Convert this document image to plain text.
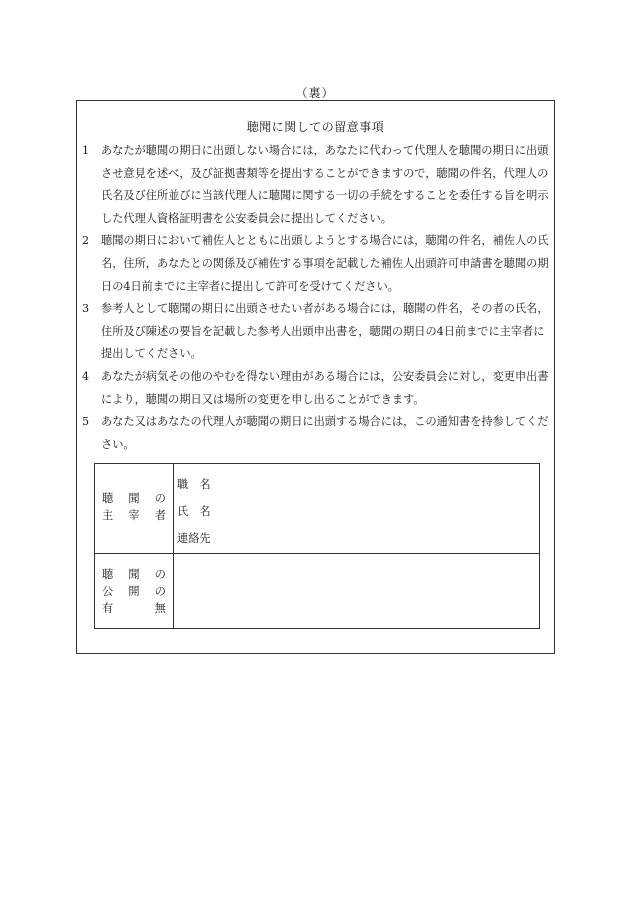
（裏）
聴聞に関しての留意事項
1 あなたが聴聞の期日に出頭しない場合には，あなたに代わって代理人を聴聞の期日に出頭させ意見を述べ，及び証拠書類等を提出することができますので，聴聞の件名，代理人の氏名及び住所並びに当該代理人に聴聞に関する一切の手続をすることを委任する旨を明示した代理人資格証明書を公安委員会に提出してください。
2 聴聞の期日において補佐人とともに出頭しようとする場合には，聴聞の件名，補佐人の氏名，住所，あなたとの関係及び補佐する事項を記載した補佐人出頭許可申請書を聴聞の期日の4日前までに主宰者に提出して許可を受けてください。
3 参考人として聴聞の期日に出頭させたい者がある場合には，聴聞の件名，その者の氏名，住所及び陳述の要旨を記載した参考人出頭申出書を，聴聞の期日の4日前までに主宰者に提出してください。
4 あなたが病気その他のやむを得ない理由がある場合には，公安委員会に対し，変更申出書により，聴聞の期日又は場所の変更を申し出ることができます。
5 あなた又はあなたの代理人が聴聞の期日に出頭する場合には，この通知書を持参してください。
聴聞の
主宰者
職　名
氏　名
連絡先
聴聞の
公開の
有無
